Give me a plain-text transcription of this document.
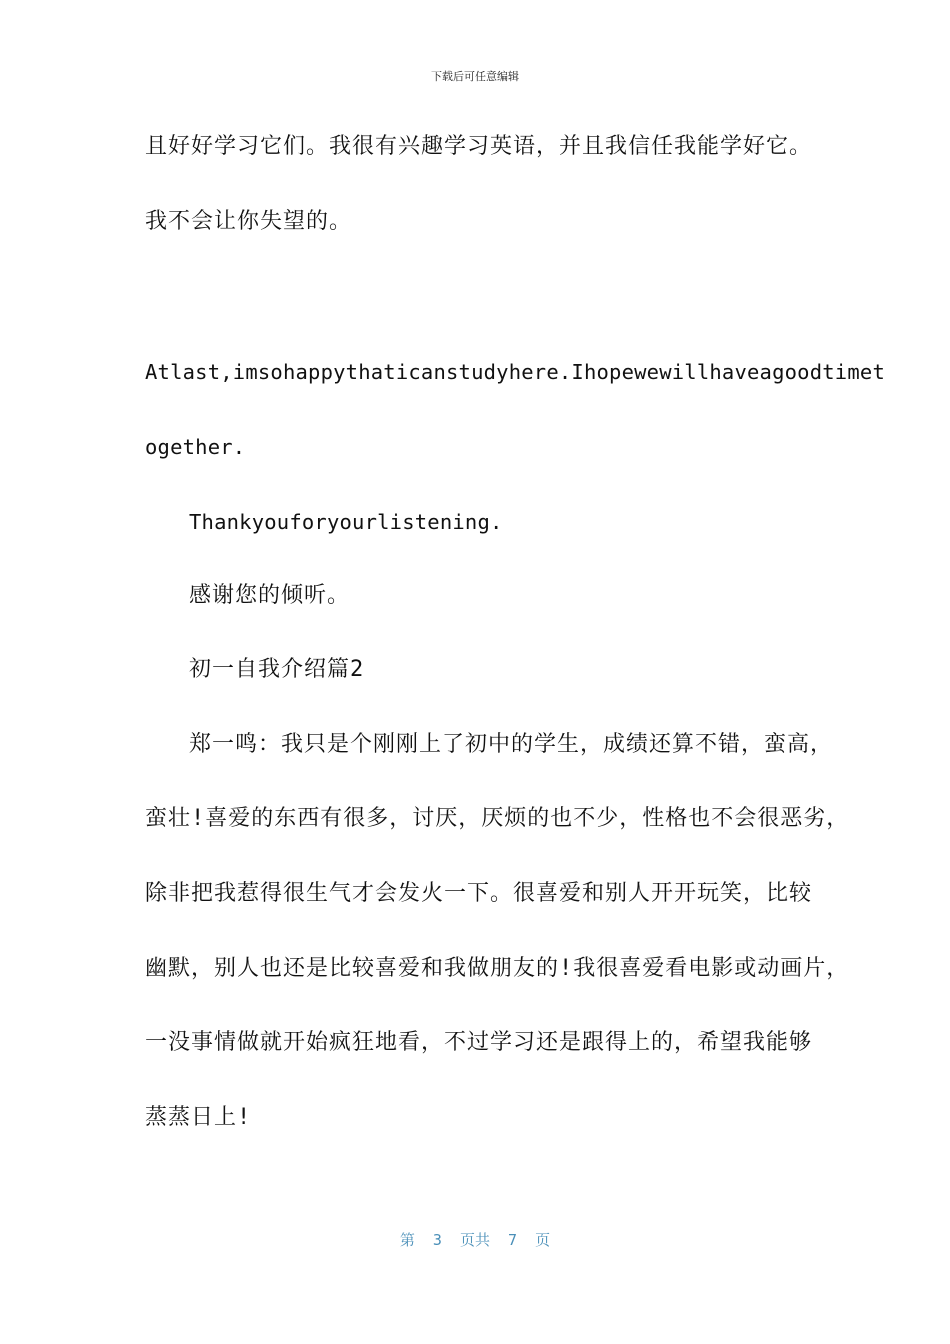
下载后可任意编辑
且好好学习它们。我很有兴趣学习英语，并且我信任我能学好它。
我不会让你失望的。
Atlast,imsohappythaticanstudyhere.Ihopewewillhaveagoodtimet
ogether.
Thankyouforyourlistening.
感谢您的倾听。
初一自我介绍篇2
郑一鸣：我只是个刚刚上了初中的学生，成绩还算不错，蛮高，
蛮壮!喜爱的东西有很多，讨厌，厌烦的也不少，性格也不会很恶劣，
除非把我惹得很生气才会发火一下。很喜爱和别人开开玩笑，比较
幽默，别人也还是比较喜爱和我做朋友的!我很喜爱看电影或动画片，
一没事情做就开始疯狂地看，不过学习还是跟得上的，希望我能够
蒸蒸日上!
第  3  页共  7  页
